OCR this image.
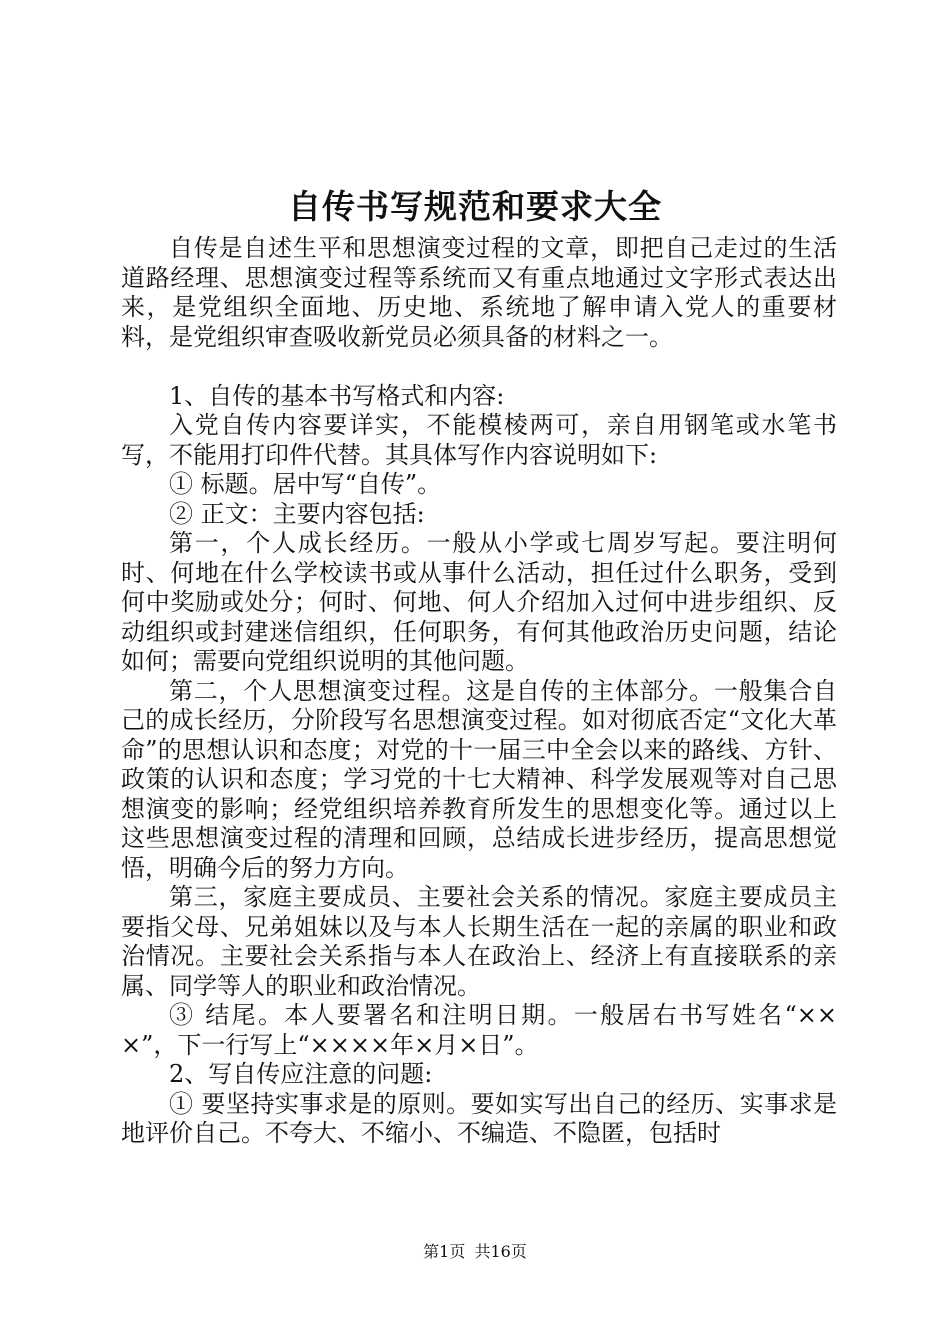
自传书写规范和要求大全

自传是自述生平和思想演变过程的文章，即把自己走过的生活道路经理、思想演变过程等系统而又有重点地通过文字形式表达出来，是党组织全面地、历史地、系统地了解申请入党人的重要材料，是党组织审查吸收新党员必须具备的材料之一。

1、自传的基本书写格式和内容:

入党自传内容要详实，不能模棱两可，亲自用钢笔或水笔书写，不能用打印件代替。其具体写作内容说明如下:

① 标题。居中写“自传”。

② 正文：主要内容包括:

第一，个人成长经历。一般从小学或七周岁写起。要注明何时、何地在什么学校读书或从事什么活动，担任过什么职务，受到何中奖励或处分；何时、何地、何人介绍加入过何中进步组织、反动组织或封建迷信组织，任何职务，有何其他政治历史问题，结论如何；需要向党组织说明的其他问题。

第二，个人思想演变过程。这是自传的主体部分。一般集合自己的成长经历，分阶段写名思想演变过程。如对彻底否定“文化大革命”的思想认识和态度；对党的十一届三中全会以来的路线、方针、政策的认识和态度；学习党的十七大精神、科学发展观等对自己思想演变的影响；经党组织培养教育所发生的思想变化等。通过以上这些思想演变过程的清理和回顾，总结成长进步经历，提高思想觉悟，明确今后的努力方向。

第三，家庭主要成员、主要社会关系的情况。家庭主要成员主要指父母、兄弟姐妹以及与本人长期生活在一起的亲属的职业和政治情况。主要社会关系指与本人在政治上、经济上有直接联系的亲属、同学等人的职业和政治情况。

③ 结尾。本人要署名和注明日期。一般居右书写姓名“×××”，下一行写上“××××年×月×日”。

2、写自传应注意的问题:

① 要坚持实事求是的原则。要如实写出自己的经历、实事求是地评价自己。不夸大、不缩小、不编造、不隐匿，包括时

第1页 共16页
